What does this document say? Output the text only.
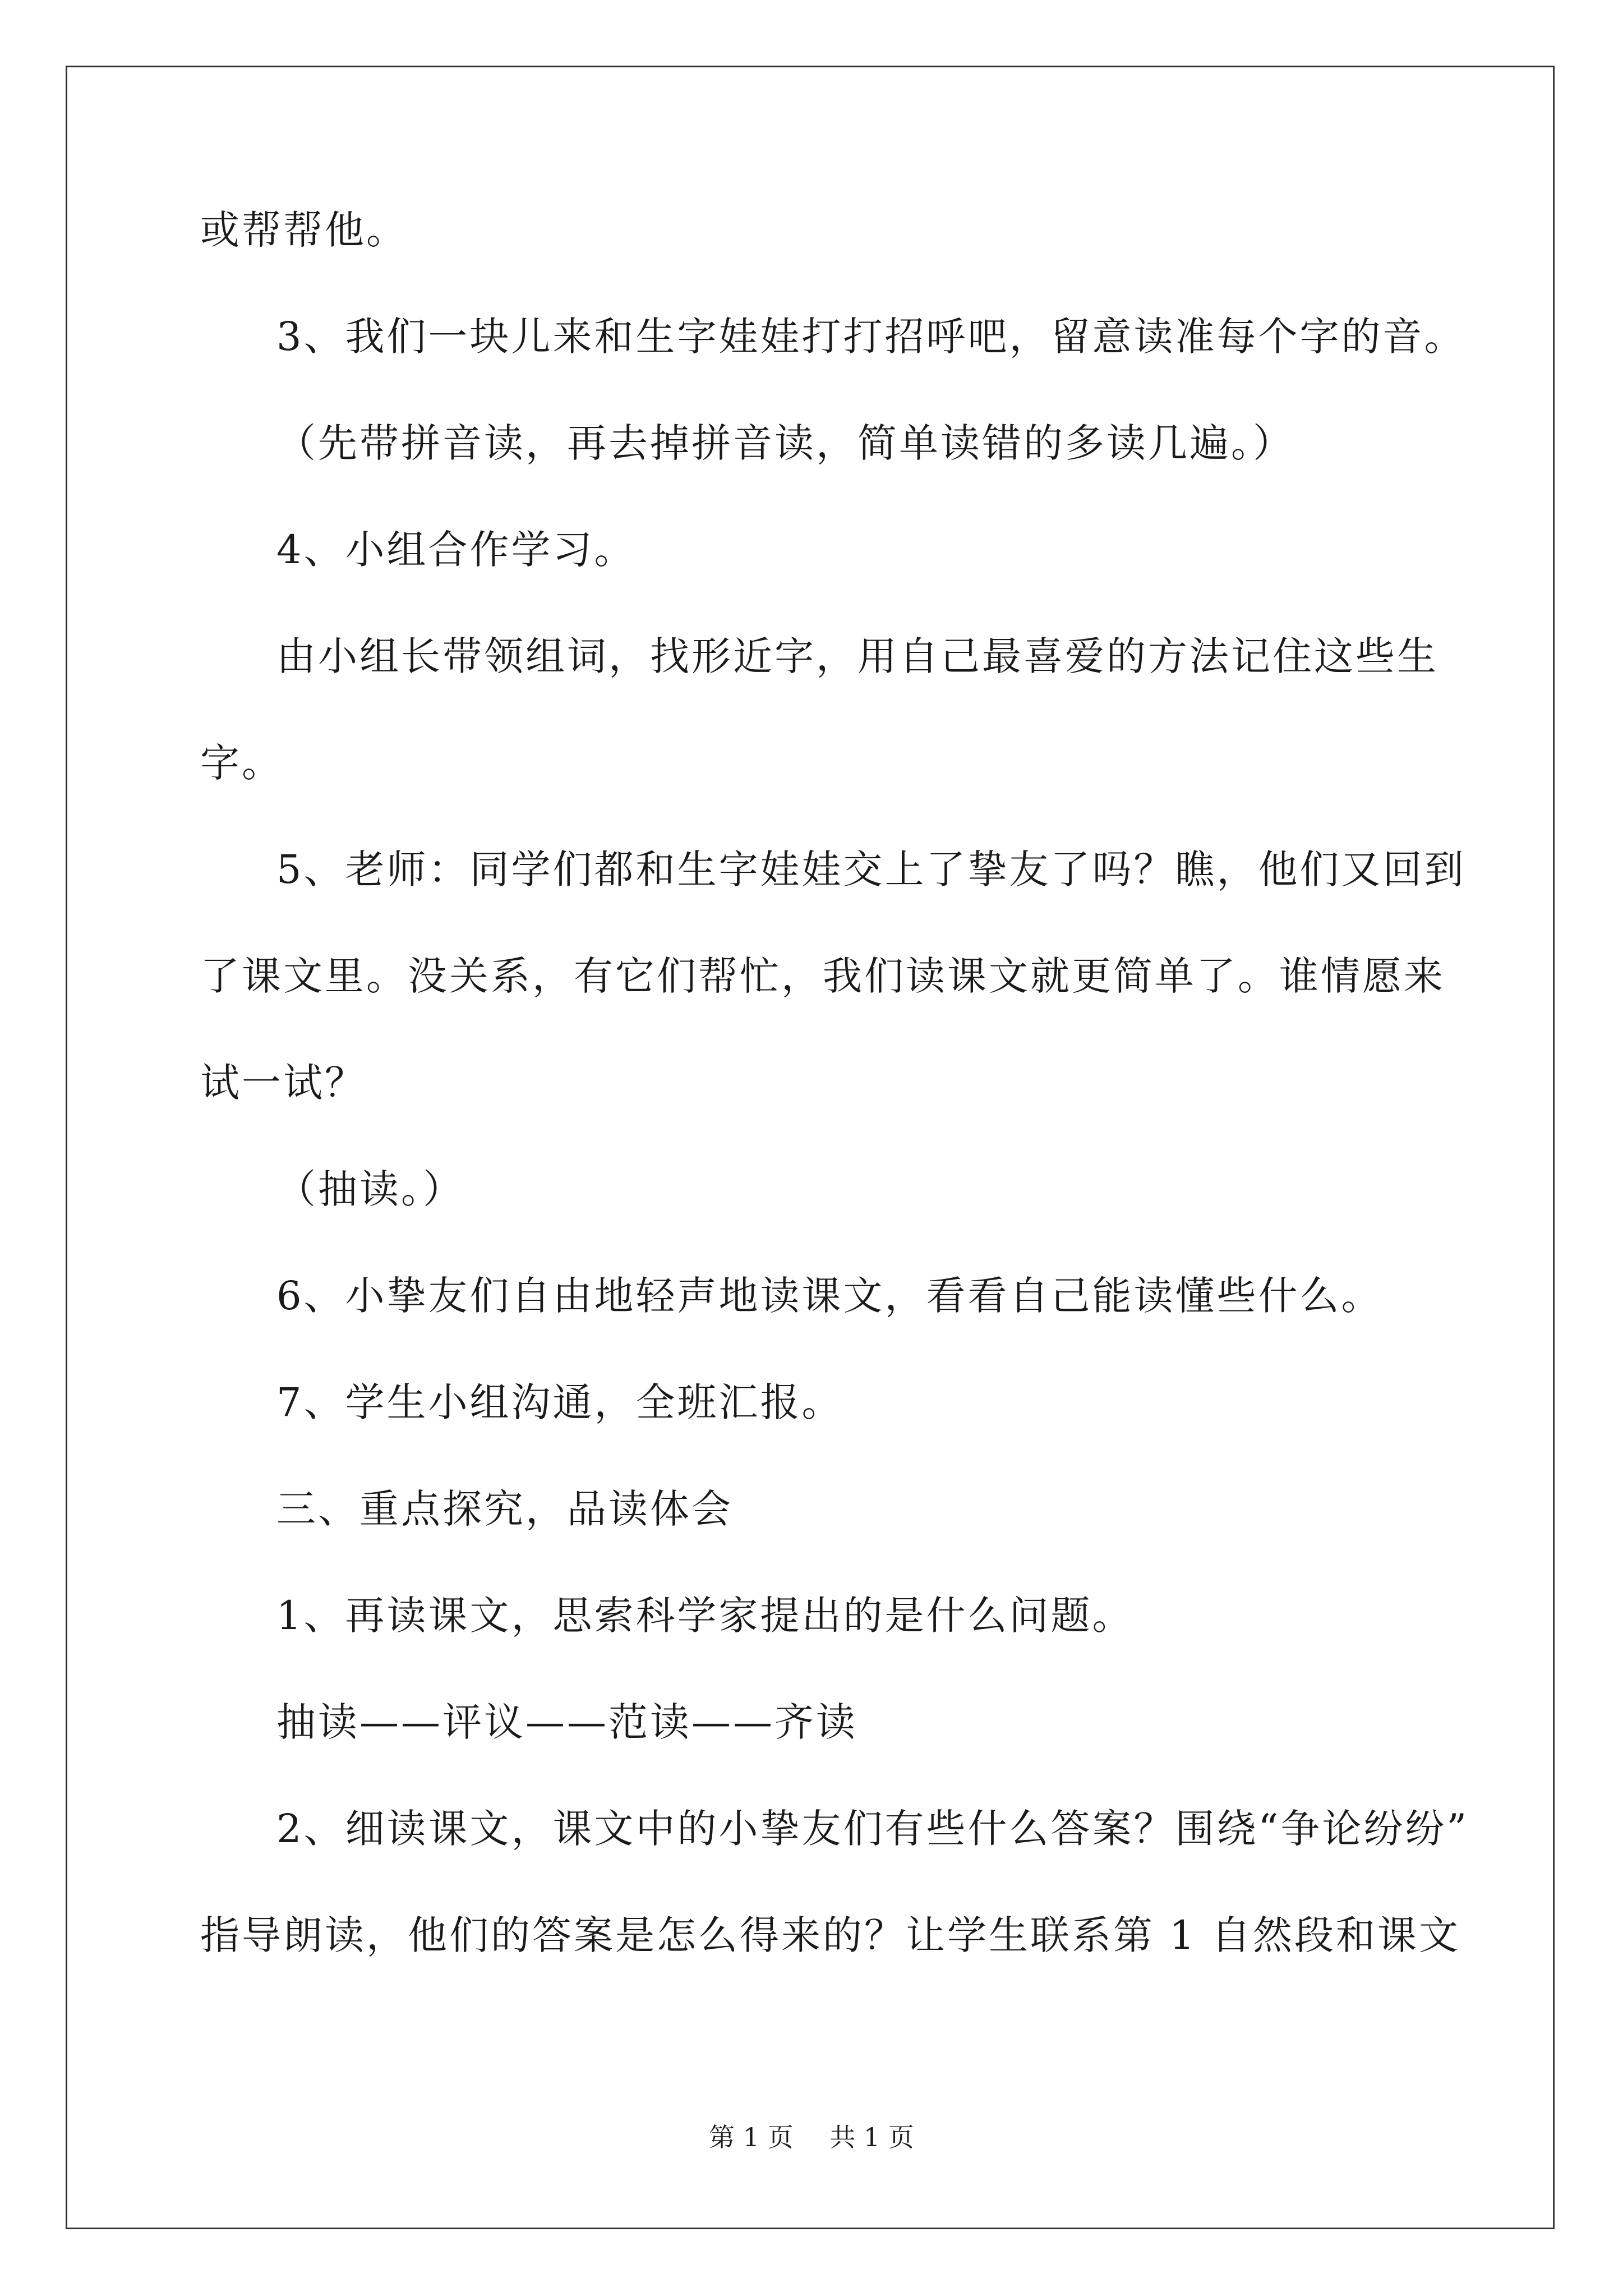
或帮帮他。
3、我们一块儿来和生字娃娃打打招呼吧，留意读准每个字的音。
（先带拼音读，再去掉拼音读，简单读错的多读几遍。）
4、小组合作学习。
由小组长带领组词，找形近字，用自己最喜爱的方法记住这些生
字。
5、老师：同学们都和生字娃娃交上了挚友了吗？瞧，他们又回到
了课文里。没关系，有它们帮忙，我们读课文就更简单了。谁情愿来
试一试？
（抽读。）
6、小挚友们自由地轻声地读课文，看看自己能读懂些什么。
7、学生小组沟通，全班汇报。
三、重点探究，品读体会
1、再读课文，思索科学家提出的是什么问题。
抽读——评议——范读——齐读
2、细读课文，课文中的小挚友们有些什么答案？围绕“争论纷纷”
指导朗读，他们的答案是怎么得来的？让学生联系第 1 自然段和课文
第 1 页 共 1 页
